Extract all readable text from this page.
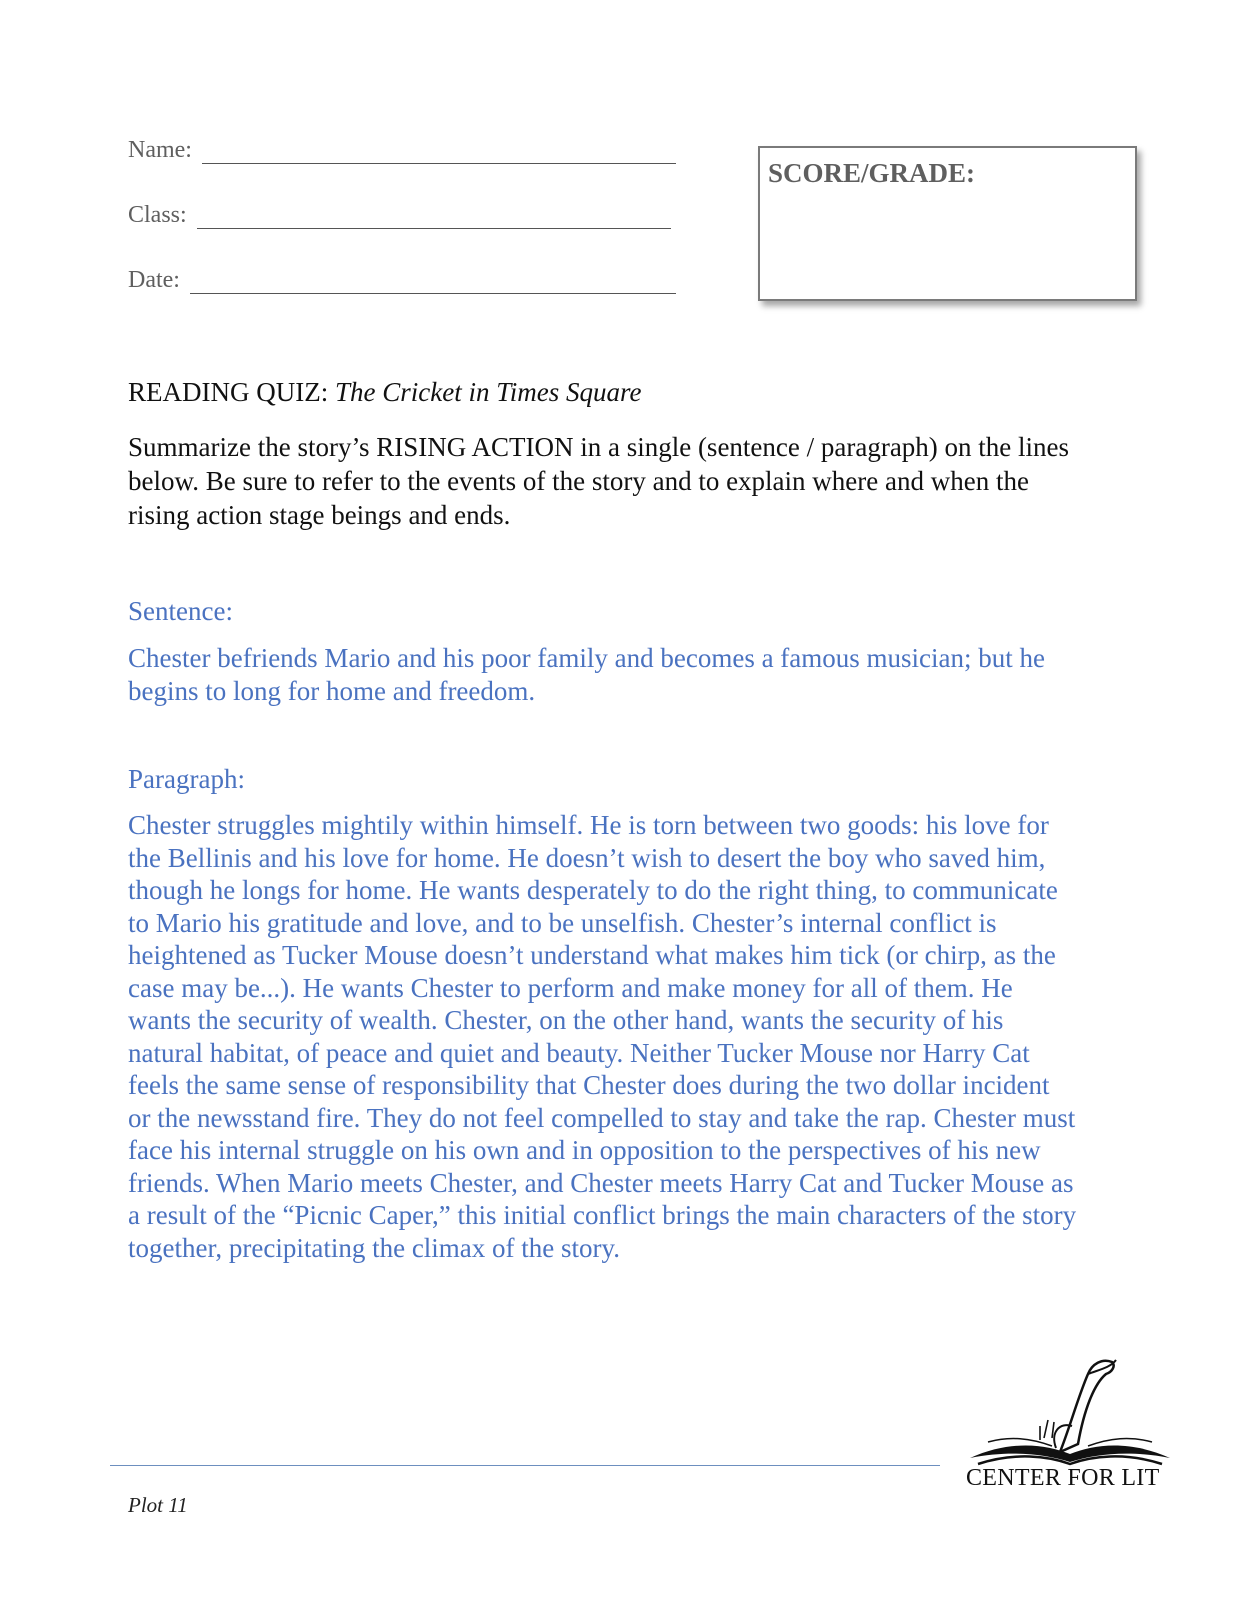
Name:
Class:
Date:
SCORE/GRADE:
READING QUIZ: The Cricket in Times Square
Summarize the story’s RISING ACTION in a single (sentence / paragraph) on the lines below. Be sure to refer to the events of the story and to explain where and when the rising action stage beings and ends.
Sentence:
Chester befriends Mario and his poor family and becomes a famous musician; but he begins to long for home and freedom.
Paragraph:
Chester struggles mightily within himself. He is torn between two goods: his love for the Bellinis and his love for home. He doesn’t wish to desert the boy who saved him, though he longs for home. He wants desperately to do the right thing, to communicate to Mario his gratitude and love, and to be unselfish. Chester’s internal conflict is heightened as Tucker Mouse doesn’t understand what makes him tick (or chirp, as the case may be...). He wants Chester to perform and make money for all of them. He wants the security of wealth. Chester, on the other hand, wants the security of his natural habitat, of peace and quiet and beauty. Neither Tucker Mouse nor Harry Cat feels the same sense of responsibility that Chester does during the two dollar incident or the newsstand fire. They do not feel compelled to stay and take the rap. Chester must face his internal struggle on his own and in opposition to the perspectives of his new friends. When Mario meets Chester, and Chester meets Harry Cat and Tucker Mouse as a result of the “Picnic Caper,” this initial conflict brings the main characters of the story together, precipitating the climax of the story.
Plot 11
CENTER FOR LIT
